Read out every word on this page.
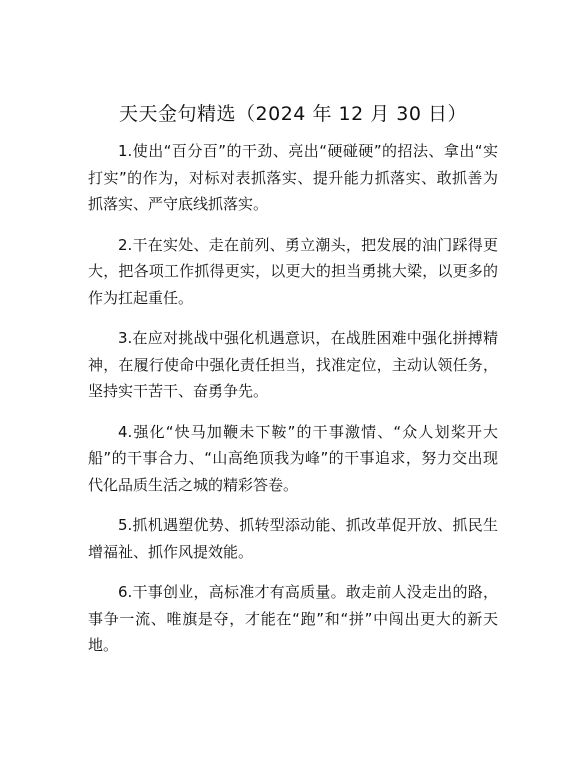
天天金句精选（2024 年 12 月 30 日）

1.使出“百分百”的干劲、亮出“硬碰硬”的招法、拿出“实打实”的作为，对标对表抓落实、提升能力抓落实、敢抓善为抓落实、严守底线抓落实。

2.干在实处、走在前列、勇立潮头，把发展的油门踩得更大，把各项工作抓得更实，以更大的担当勇挑大梁，以更多的作为扛起重任。

3.在应对挑战中强化机遇意识，在战胜困难中强化拼搏精神，在履行使命中强化责任担当，找准定位，主动认领任务，坚持实干苦干、奋勇争先。

4.强化“快马加鞭未下鞍”的干事激情、“众人划桨开大船”的干事合力、“山高绝顶我为峰”的干事追求，努力交出现代化品质生活之城的精彩答卷。

5.抓机遇塑优势、抓转型添动能、抓改革促开放、抓民生增福祉、抓作风提效能。

6.干事创业，高标准才有高质量。敢走前人没走出的路，事争一流、唯旗是夺，才能在“跑”和“拼”中闯出更大的新天地。
